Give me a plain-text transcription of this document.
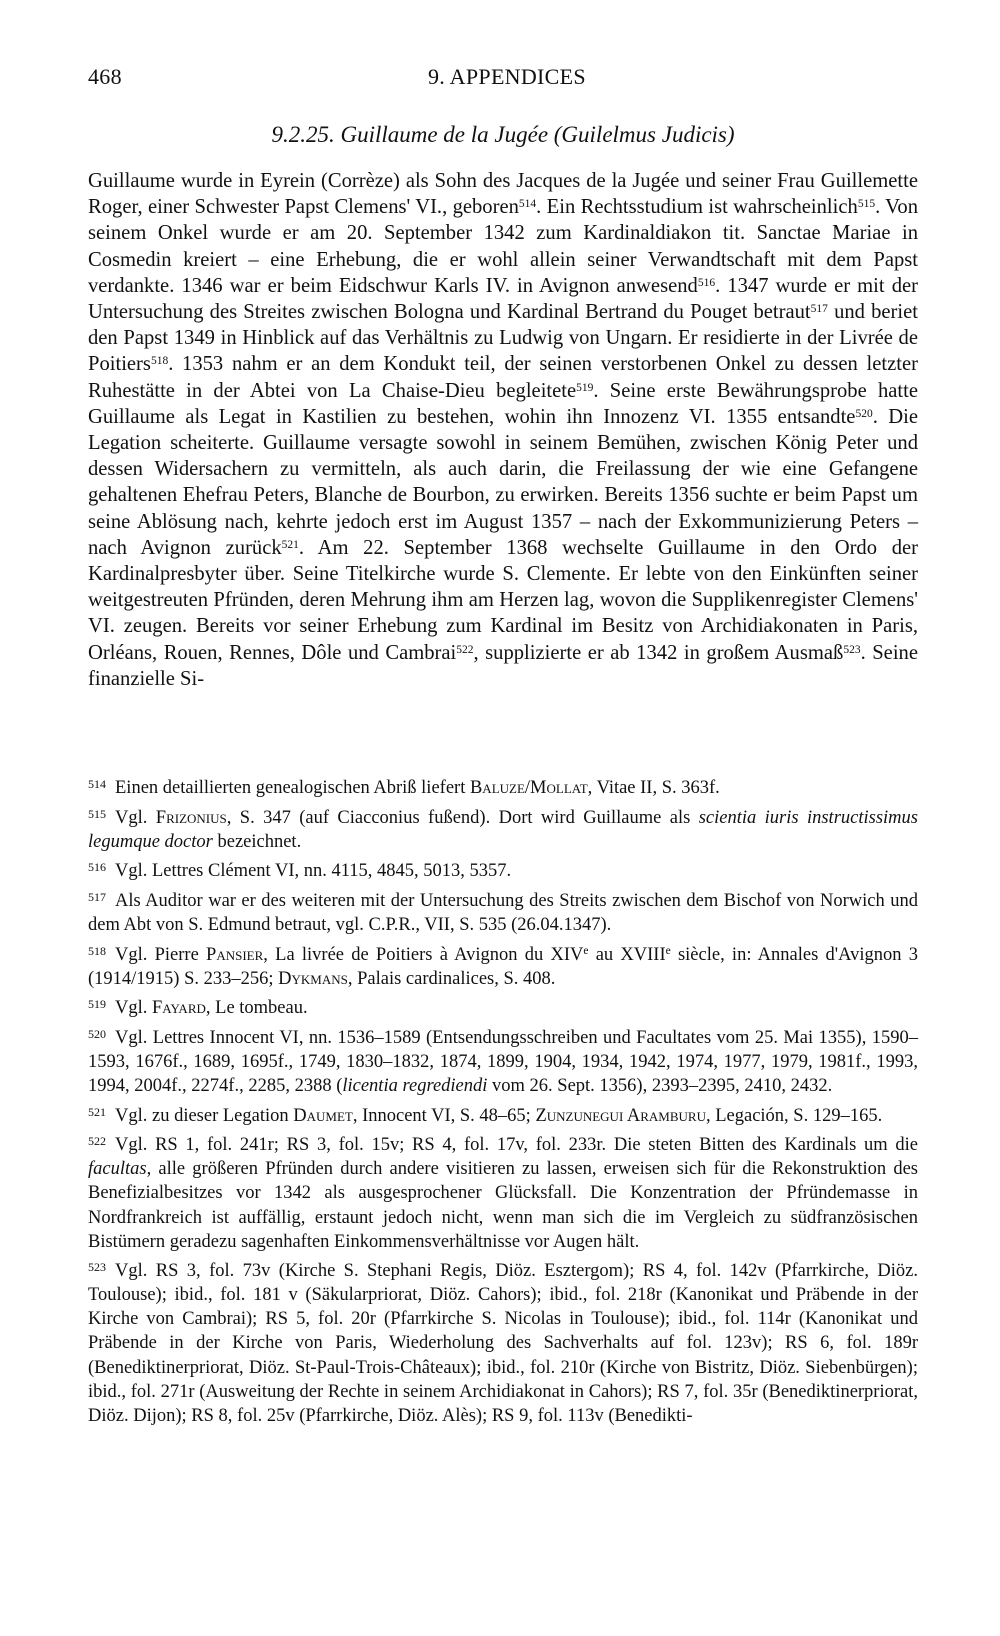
468	9. APPENDICES
9.2.25. Guillaume de la Jugée (Guilelmus Judicis)

Guillaume wurde in Eyrein (Corrèze) als Sohn des Jacques de la Jugée und seiner Frau Guillemette Roger, einer Schwester Papst Clemens' VI., geboren$^{514}$. Ein Rechtsstudium ist wahrscheinlich$^{515}$. Von seinem Onkel wurde er am 20. September 1342 zum Kardinaldiakon tit. Sanctae Mariae in Cosmedin kreiert – eine Erhebung, die er wohl allein seiner Verwandtschaft mit dem Papst verdankte. 1346 war er beim Eidschwur Karls IV. in Avignon anwesend$^{516}$. 1347 wurde er mit der Untersuchung des Streites zwischen Bologna und Kardinal Bertrand du Pouget betraut$^{517}$ und beriet den Papst 1349 in Hinblick auf das Verhältnis zu Ludwig von Ungarn. Er residierte in der Livrée de Poitiers$^{518}$. 1353 nahm er an dem Kondukt teil, der seinen verstorbenen Onkel zu dessen letzter Ruhestätte in der Abtei von La Chaise-Dieu begleitete$^{519}$. Seine erste Bewährungsprobe hatte Guillaume als Legat in Kastilien zu bestehen, wohin ihn Innozenz VI. 1355 entsandte$^{520}$. Die Legation scheiterte. Guillaume versagte sowohl in seinem Bemühen, zwischen König Peter und dessen Widersachern zu vermitteln, als auch darin, die Freilassung der wie eine Gefangene gehaltenen Ehefrau Peters, Blanche de Bourbon, zu erwirken. Bereits 1356 suchte er beim Papst um seine Ablösung nach, kehrte jedoch erst im August 1357 – nach der Exkommunizierung Peters – nach Avignon zurück$^{521}$. Am 22. September 1368 wechselte Guillaume in den Ordo der Kardinalpresbyter über. Seine Titelkirche wurde S. Clemente. Er lebte von den Einkünften seiner weitgestreuten Pfründen, deren Mehrung ihm am Herzen lag, wovon die Supplikenregister Clemens' VI. zeugen. Bereits vor seiner Erhebung zum Kardinal im Besitz von Archidiakonaten in Paris, Orléans, Rouen, Rennes, Dôle und Cambrai$^{522}$, supplizierte er ab 1342 in großem Ausmaß$^{523}$. Seine finanzielle Si-

$^{514}$ Einen detaillierten genealogischen Abriß liefert Baluze/Mollat, Vitae II, S. 363f.

$^{515}$ Vgl. Frizonius, S. 347 (auf Ciacconius fußend). Dort wird Guillaume als scientia iuris instructissimus legumque doctor bezeichnet.

$^{516}$ Vgl. Lettres Clément VI, nn. 4115, 4845, 5013, 5357.

$^{517}$ Als Auditor war er des weiteren mit der Untersuchung des Streits zwischen dem Bischof von Norwich und dem Abt von S. Edmund betraut, vgl. C.P.R., VII, S. 535 (26.04.1347).

$^{518}$ Vgl. Pierre Pansier, La livrée de Poitiers à Avignon du XIVe au XVIIIe siècle, in: Annales d'Avignon 3 (1914/1915) S. 233–256; Dykmans, Palais cardinalices, S. 408.

$^{519}$ Vgl. Fayard, Le tombeau.

$^{520}$ Vgl. Lettres Innocent VI, nn. 1536–1589 (Entsendungsschreiben und Facultates vom 25. Mai 1355), 1590–1593, 1676f., 1689, 1695f., 1749, 1830–1832, 1874, 1899, 1904, 1934, 1942, 1974, 1977, 1979, 1981f., 1993, 1994, 2004f., 2274f., 2285, 2388 (licentia regrediendi vom 26. Sept. 1356), 2393–2395, 2410, 2432.

$^{521}$ Vgl. zu dieser Legation Daumet, Innocent VI, S. 48–65; Zunzunegui Aramburu, Legación, S. 129–165.

$^{522}$ Vgl. RS 1, fol. 241r; RS 3, fol. 15v; RS 4, fol. 17v, fol. 233r. Die steten Bitten des Kardinals um die facultas, alle größeren Pfründen durch andere visitieren zu lassen, erweisen sich für die Rekonstruktion des Benefizialbesitzes vor 1342 als ausgesprochener Glücksfall. Die Konzentration der Pfründemasse in Nordfrankreich ist auffällig, erstaunt jedoch nicht, wenn man sich die im Vergleich zu südfranzösischen Bistümern geradezu sagenhaften Einkommensverhältnisse vor Augen hält.

$^{523}$ Vgl. RS 3, fol. 73v (Kirche S. Stephani Regis, Diöz. Esztergom); RS 4, fol. 142v (Pfarrkirche, Diöz. Toulouse); ibid., fol. 181 v (Säkularpriorat, Diöz. Cahors); ibid., fol. 218r (Kanonikat und Präbende in der Kirche von Cambrai); RS 5, fol. 20r (Pfarrkirche S. Nicolas in Toulouse); ibid., fol. 114r (Kanonikat und Präbende in der Kirche von Paris, Wiederholung des Sachverhalts auf fol. 123v); RS 6, fol. 189r (Benediktinerpriorat, Diöz. St-Paul-Trois-Châteaux); ibid., fol. 210r (Kirche von Bistritz, Diöz. Siebenbürgen); ibid., fol. 271r (Ausweitung der Rechte in seinem Archidiakonat in Cahors); RS 7, fol. 35r (Benediktinerpriorat, Diöz. Dijon); RS 8, fol. 25v (Pfarrkirche, Diöz. Alès); RS 9, fol. 113v (Benedikti-
